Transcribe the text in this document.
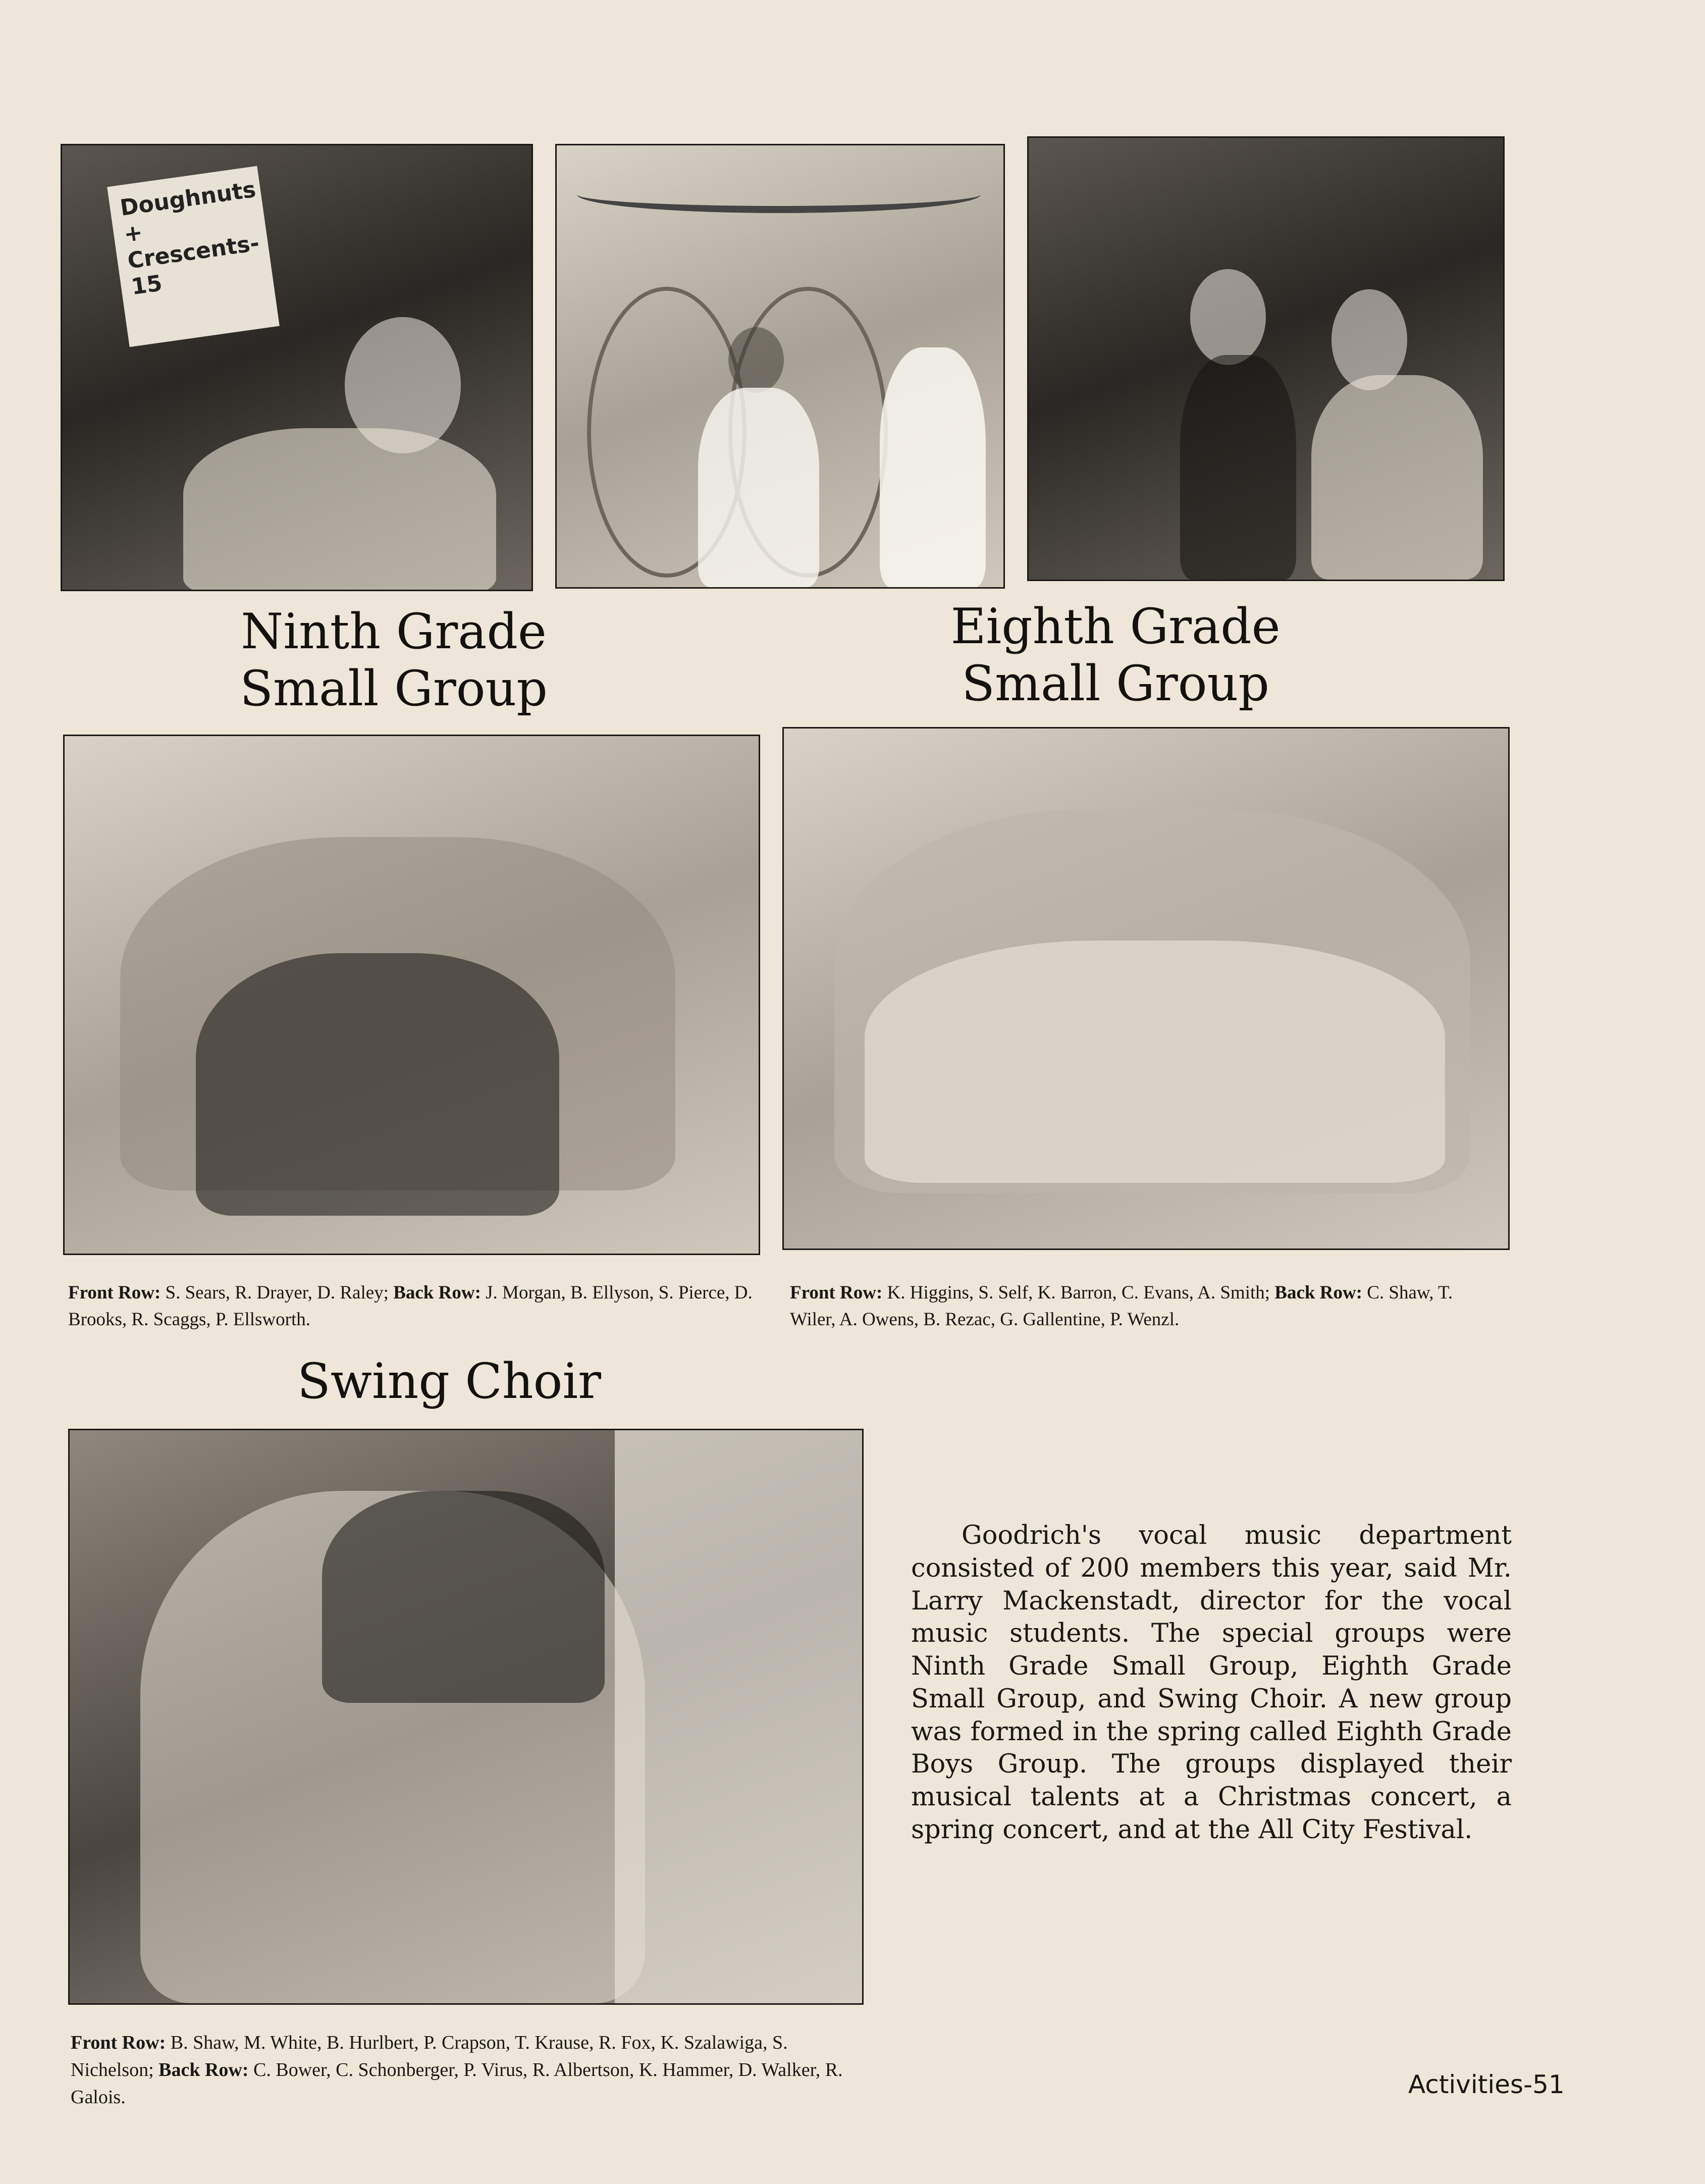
Doughnuts + Crescents-15
Ninth Grade
Small Group
Eighth Grade
Small Group
Front Row: S. Sears, R. Drayer, D. Raley; Back Row: J. Morgan, B. Ellyson, S. Pierce, D. Brooks, R. Scaggs, P. Ellsworth.
Front Row: K. Higgins, S. Self, K. Barron, C. Evans, A. Smith; Back Row: C. Shaw, T. Wiler, A. Owens, B. Rezac, G. Gallentine, P. Wenzl.
Swing Choir
Front Row: B. Shaw, M. White, B. Hurlbert, P. Crapson, T. Krause, R. Fox, K. Szalawiga, S. Nichelson; Back Row: C. Bower, C. Schonberger, P. Virus, R. Albertson, K. Hammer, D. Walker, R. Galois.
Goodrich's vocal music department consisted of 200 members this year, said Mr. Larry Mackenstadt, director for the vocal music students. The special groups were Ninth Grade Small Group, Eighth Grade Small Group, and Swing Choir. A new group was formed in the spring called Eighth Grade Boys Group. The groups displayed their musical talents at a Christmas concert, a spring concert, and at the All City Festival.
Activities-51
